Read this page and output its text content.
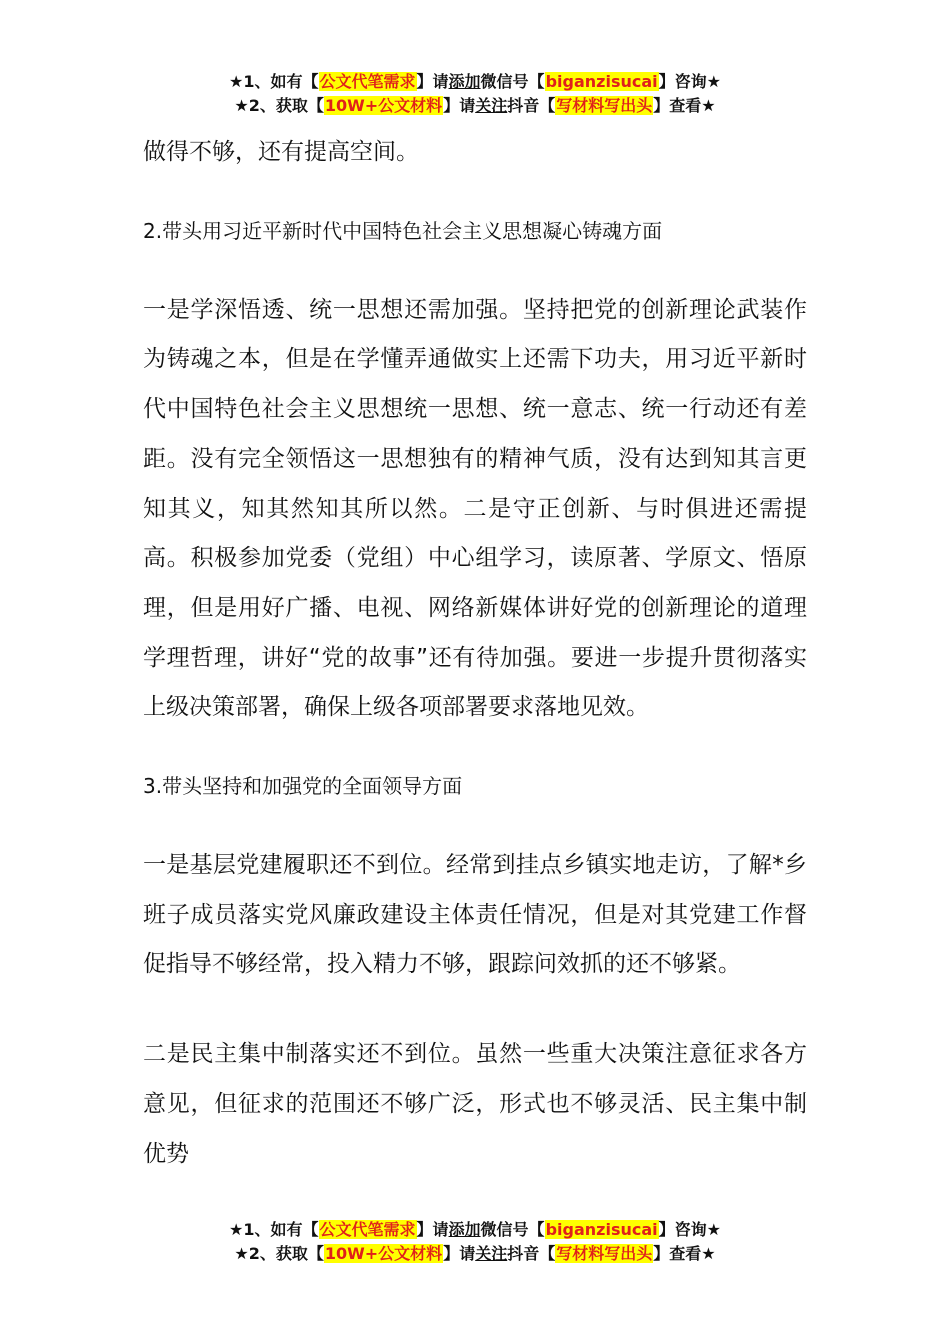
★1、如有【公文代笔需求】请添加微信号【biganzisucai】咨询★
★2、获取【10W+公文材料】请关注抖音【写材料写出头】查看★

做得不够，还有提高空间。

2.带头用习近平新时代中国特色社会主义思想凝心铸魂方面

一是学深悟透、统一思想还需加强。坚持把党的创新理论武装作为铸魂之本，但是在学懂弄通做实上还需下功夫，用习近平新时代中国特色社会主义思想统一思想、统一意志、统一行动还有差距。没有完全领悟这一思想独有的精神气质，没有达到知其言更知其义，知其然知其所以然。二是守正创新、与时俱进还需提高。积极参加党委（党组）中心组学习，读原著、学原文、悟原理，但是用好广播、电视、网络新媒体讲好党的创新理论的道理学理哲理，讲好“党的故事”还有待加强。要进一步提升贯彻落实上级决策部署，确保上级各项部署要求落地见效。

3.带头坚持和加强党的全面领导方面

一是基层党建履职还不到位。经常到挂点乡镇实地走访，了解*乡班子成员落实党风廉政建设主体责任情况，但是对其党建工作督促指导不够经常，投入精力不够，跟踪问效抓的还不够紧。

二是民主集中制落实还不到位。虽然一些重大决策注意征求各方意见，但征求的范围还不够广泛，形式也不够灵活、民主集中制优势

★1、如有【公文代笔需求】请添加微信号【biganzisucai】咨询★
★2、获取【10W+公文材料】请关注抖音【写材料写出头】查看★
